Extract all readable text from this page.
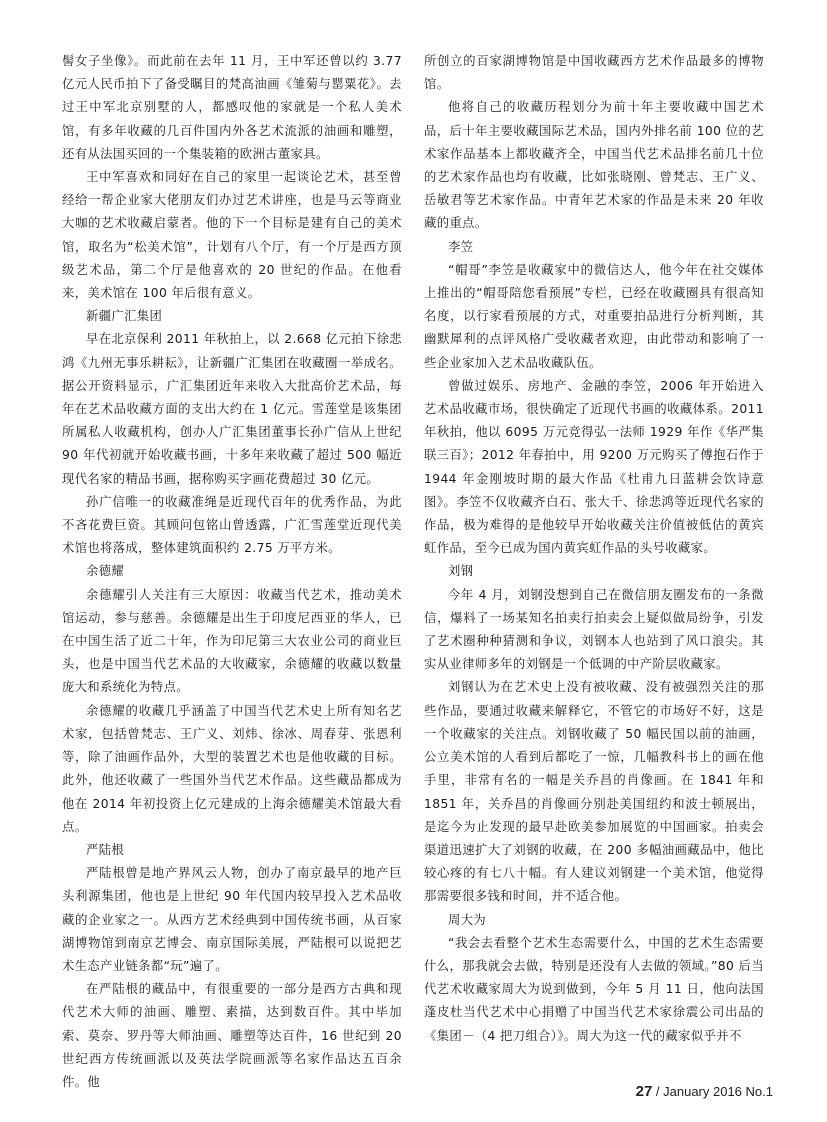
髻女子坐像》。而此前在去年 11 月，王中军还曾以约 3.77 亿元人民币拍下了备受瞩目的梵高油画《雏菊与罂粟花》。去过王中军北京别墅的人，都感叹他的家就是一个私人美术馆，有多年收藏的几百件国内外各艺术流派的油画和雕塑，还有从法国买回的一个集装箱的欧洲古董家具。

王中军喜欢和同好在自己的家里一起谈论艺术，甚至曾经给一帮企业家大佬朋友们办过艺术讲座，也是马云等商业大咖的艺术收藏启蒙者。他的下一个目标是建有自己的美术馆，取名为“松美术馆”，计划有八个厅，有一个厅是西方顶级艺术品，第二个厅是他喜欢的 20 世纪的作品。在他看来，美术馆在 100 年后很有意义。

新疆广汇集团

早在北京保利 2011 年秋拍上，以 2.668 亿元拍下徐悲鸿《九州无事乐耕耘》，让新疆广汇集团在收藏圈一举成名。据公开资料显示，广汇集团近年来收入大批高价艺术品，每年在艺术品收藏方面的支出大约在 1 亿元。雪莲堂是该集团所属私人收藏机构，创办人广汇集团董事长孙广信从上世纪 90 年代初就开始收藏书画，十多年来收藏了超过 500 幅近现代名家的精品书画，据称购买字画花费超过 30 亿元。

孙广信唯一的收藏准绳是近现代百年的优秀作品，为此不吝花费巨资。其顾问包铭山曾透露，广汇雪莲堂近现代美术馆也将落成，整体建筑面积约 2.75 万平方米。

余德耀

余德耀引人关注有三大原因：收藏当代艺术，推动美术馆运动，参与慈善。余德耀是出生于印度尼西亚的华人，已在中国生活了近二十年，作为印尼第三大农业公司的商业巨头，也是中国当代艺术品的大收藏家，余德耀的收藏以数量庞大和系统化为特点。

余德耀的收藏几乎涵盖了中国当代艺术史上所有知名艺术家，包括曾梵志、王广义、刘炜、徐冰、周春芽、张恩利等，除了油画作品外，大型的装置艺术也是他收藏的目标。此外，他还收藏了一些国外当代艺术作品。这些藏品都成为他在 2014 年初投资上亿元建成的上海余德耀美术馆最大看点。

严陆根

严陆根曾是地产界风云人物，创办了南京最早的地产巨头利源集团，他也是上世纪 90 年代国内较早投入艺术品收藏的企业家之一。从西方艺术经典到中国传统书画，从百家湖博物馆到南京艺博会、南京国际美展，严陆根可以说把艺术生态产业链条都“玩”遍了。

在严陆根的藏品中，有很重要的一部分是西方古典和现代艺术大师的油画、雕塑、素描，达到数百件。其中毕加索、莫奈、罗丹等大师油画、雕塑等达百件，16 世纪到 20 世纪西方传统画派以及英法学院画派等名家作品达五百余件。他

所创立的百家湖博物馆是中国收藏西方艺术作品最多的博物馆。

他将自己的收藏历程划分为前十年主要收藏中国艺术品，后十年主要收藏国际艺术品，国内外排名前 100 位的艺术家作品基本上都收藏齐全，中国当代艺术品排名前几十位的艺术家作品也均有收藏，比如张晓刚、曾梵志、王广义、岳敏君等艺术家作品。中青年艺术家的作品是未来 20 年收藏的重点。

李笠

“帽哥”李笠是收藏家中的微信达人，他今年在社交媒体上推出的“帽哥陪您看预展”专栏，已经在收藏圈具有很高知名度，以行家看预展的方式，对重要拍品进行分析判断，其幽默犀利的点评风格广受收藏者欢迎，由此带动和影响了一些企业家加入艺术品收藏队伍。

曾做过娱乐、房地产、金融的李笠，2006 年开始进入艺术品收藏市场，很快确定了近现代书画的收藏体系。2011 年秋拍，他以 6095 万元竞得弘一法师 1929 年作《华严集联三百》；2012 年春拍中，用 9200 万元购买了傅抱石作于 1944 年金刚坡时期的最大作品《杜甫九日蓝耕会饮诗意图》。李笠不仅收藏齐白石、张大千、徐悲鸿等近现代名家的作品，极为难得的是他较早开始收藏关注价值被低估的黄宾虹作品，至今已成为国内黄宾虹作品的头号收藏家。

刘钢

今年 4 月，刘钢没想到自己在微信朋友圈发布的一条微信，爆料了一场某知名拍卖行拍卖会上疑似做局纷争，引发了艺术圈种种猜测和争议，刘钢本人也站到了风口浪尖。其实从业律师多年的刘钢是一个低调的中产阶层收藏家。

刘钢认为在艺术史上没有被收藏、没有被强烈关注的那些作品，要通过收藏来解释它，不管它的市场好不好，这是一个收藏家的关注点。刘钢收藏了 50 幅民国以前的油画，公立美术馆的人看到后都吃了一惊，几幅教科书上的画在他手里，非常有名的一幅是关乔昌的肖像画。在 1841 年和 1851 年，关乔昌的肖像画分别赴美国纽约和波士顿展出，是迄今为止发现的最早赴欧美参加展览的中国画家。拍卖会渠道迅速扩大了刘钢的收藏，在 200 多幅油画藏品中，他比较心疼的有七八十幅。有人建议刘钢建一个美术馆，他觉得那需要很多钱和时间，并不适合他。

周大为

“我会去看整个艺术生态需要什么，中国的艺术生态需要什么，那我就会去做，特别是还没有人去做的领域。”80 后当代艺术收藏家周大为说到做到，今年 5 月 11 日，他向法国蓬皮杜当代艺术中心捐赠了中国当代艺术家徐震公司出品的《集团－（4 把刀组合）》。周大为这一代的藏家似乎并不

27 / January 2016 No.1
